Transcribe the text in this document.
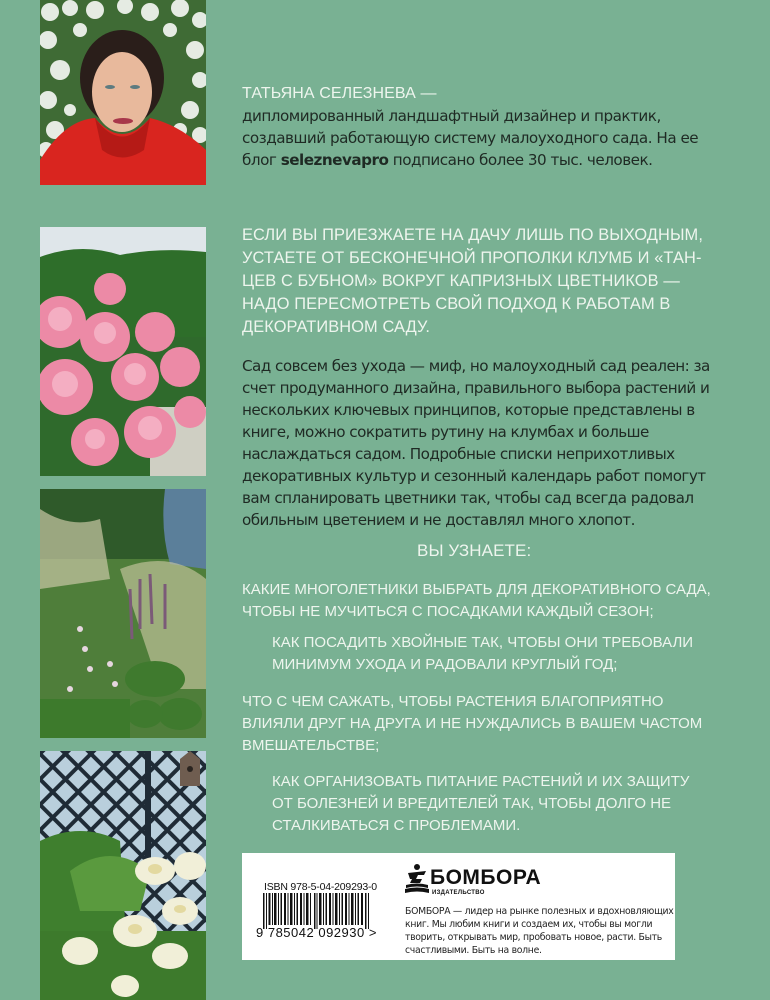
ТАТЬЯНА СЕЛЕЗНЕВА —
дипломированный ландшафтный дизайнер и практик, создавший работающую систему малоуходного сада. На ее блог seleznevapro подписано более 30 тыс. человек.
ЕСЛИ ВЫ ПРИЕЗЖАЕТЕ НА ДАЧУ ЛИШЬ ПО ВЫХОДНЫМ, УСТАЕТЕ ОТ БЕСКОНЕЧНОЙ ПРОПОЛКИ КЛУМБ И «ТАН-ЦЕВ С БУБНОМ» ВОКРУГ КАПРИЗНЫХ ЦВЕТНИКОВ — НАДО ПЕРЕСМОТРЕТЬ СВОЙ ПОДХОД К РАБОТАМ В ДЕКОРАТИВНОМ САДУ.
Сад совсем без ухода — миф, но малоуходный сад реален: за счет продуманного дизайна, правильного выбора растений и нескольких ключевых принципов, которые представлены в книге, можно сократить рутину на клумбах и больше наслаждаться садом. Подробные списки неприхотливых декоративных культур и сезонный календарь работ помогут вам спланировать цветники так, чтобы сад всегда радовал обильным цветением и не доставлял много хлопот.
ВЫ УЗНАЕТЕ:
КАКИЕ МНОГОЛЕТНИКИ ВЫБРАТЬ ДЛЯ ДЕКОРАТИВНОГО САДА, ЧТОБЫ НЕ МУЧИТЬСЯ С ПОСАДКАМИ КАЖДЫЙ СЕЗОН;
КАК ПОСАДИТЬ ХВОЙНЫЕ ТАК, ЧТОБЫ ОНИ ТРЕБОВАЛИ МИНИМУМ УХОДА И РАДОВАЛИ КРУГЛЫЙ ГОД;
ЧТО С ЧЕМ САЖАТЬ, ЧТОБЫ РАСТЕНИЯ БЛАГОПРИЯТНО ВЛИЯЛИ ДРУГ НА ДРУГА И НЕ НУЖДАЛИСЬ В ВАШЕМ ЧАСТОМ ВМЕШАТЕЛЬСТВЕ;
КАК ОРГАНИЗОВАТЬ ПИТАНИЕ РАСТЕНИЙ И ИХ ЗАЩИТУ ОТ БОЛЕЗНЕЙ И ВРЕДИТЕЛЕЙ ТАК, ЧТОБЫ ДОЛГО НЕ СТАЛКИВАТЬСЯ С ПРОБЛЕМАМИ.
ISBN 978-5-04-209293-0
9 785042 092930 >
БОМБОРА
ИЗДАТЕЛЬСТВО
БОМБОРА — лидер на рынке полезных и вдохновляющих книг. Мы любим книги и создаем их, чтобы вы могли творить, открывать мир, пробовать новое, расти. Быть счастливыми. Быть на волне.
